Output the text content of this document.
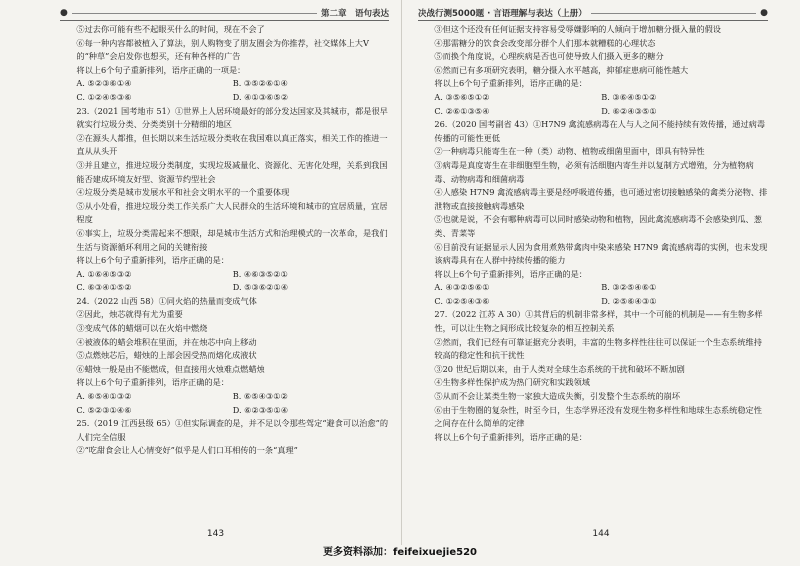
●	第二章　语句表达
⑤过去你可能有些不起眼买什么的时间，现在不会了
⑥每一种内容都被植入了算法，别人购物变了朋友圈会为你推荐，社交媒体上大V的“种草”会启发你也想买，还有种各样的广告
将以上6个句子重新排列，语序正确的一项是：
A. ⑤②③⑥①④	B. ③⑤②⑥①④
C. ①②④⑤③⑥	D. ④①③⑥⑤②
23.（2021 国考地市 51）①世界上人居环境最好的部分发达国家及其城市，都是很早就实行垃圾分类、分类类别十分精细的地区
②在源头人都推，但长期以来生活垃圾分类收在我国难以真正落实，相关工作的推进一直从从头开
③并且建立，推进垃圾分类制度，实现垃圾减量化、资源化、无害化处理，关系到我国能否建成环境友好型、资源节约型社会
④垃圾分类是城市发展水平和社会文明水平的一个重要体现
⑤从小处看，推进垃圾分类工作关系广大人民群众的生活环境和城市的宜居质量，宜居程度
⑥事实上，垃圾分类需起来不想限，却是城市生活方式和治理模式的一次革命，是我们生活与资源循环利用之间的关键衔接
将以上6个句子重新排列，语序正确的是：
A. ①⑥④⑤③②	B. ④⑥③⑤②①
C. ⑥③④①⑤②	D. ⑤③⑥②①④
24.（2022 山西 58）①同火焰的热量而变成气体
②因此，烛芯就得有尤为重要
③变成气体的蜡烟可以在火焰中燃烧
④被液体的蜡会堆积在里面，并在烛芯中向上移动
⑤点燃烛芯后，蜡烛的上部会因受热而熔化成液状
⑥蜡烛一般是由不能燃成，但直接用火烛难点燃蜡烛
将以上6个句子重新排列，语序正确的是：
A. ⑥⑤④①③②	B. ⑥⑤④③①②
C. ⑤②③①④⑥	D. ⑥②③⑤①④
25.（2019 江西县级 65）①但实际调查的是，并不足以令那些驾定“避食可以治愈”的人们完全信服
②“吃甜食会让人心情变好”似乎是人们口耳相传的一条“真理”
143
决战行测5000题 · 言语理解与表达（上册）	●
③但这个还没有任何证据支持容易受辱嫌影响的人倾向于增加糖分摄入量的假设
④那需糖分的饮食会改变部分群个人们那本就糟糕的心理状态
⑤而换个角度说，心理疾病是否也可使导致人们摄入更多的糖分
⑥然而已有多项研究表明，糖分摄入水平越高，抑郁症患病可能性越大
将以上6个句子重新排列，语序正确的是：
A. ③⑤⑥⑤①②	B. ③⑥④⑤①②
C. ②⑥①③⑤④	D. ⑥②④③⑤①
26.（2020 国考副省 43）①H7N9 禽流感病毒在人与人之间不能持续有效传播，通过病毒传播的可能性更低
②一种病毒只能寄生在一种（类）动物、植物或细菌里面中，即具有特异性
③病毒是真度寄生在非细胞型生物，必须有活细胞内寄生并以复制方式增殖，分为植物病毒、动物病毒和细菌病毒
④人感染 H7N9 禽流感病毒主要是经呼吸道传播，也可通过密切接触感染的禽类分泌物、排泄物或直接接触病毒感染
⑤也就是说，不会有哪种病毒可以同时感染动物和植物，因此禽流感病毒不会感染到瓜、葱类、青菜等
⑥目前没有证据显示人因为食用煮熟带禽肉中染来感染 H7N9 禽流感病毒的实例，也未发现该病毒具有在人群中持续传播的能力
将以上6个句子重新排列，语序正确的是：
A. ④③②⑤⑥①	B. ③②⑤④⑥①
C. ①②⑤④③⑥	D. ②⑤⑥④③①
27.（2022 江苏 A 30）①其背后的机制非常多样，其中一个可能的机制是——有生物多样性，可以让生物之间形成比较复杂的相互控制关系
②然而，我们已经有可靠证据充分表明，丰富的生物多样性往往可以保证一个生态系统维持较高的稳定性和抗干扰性
③20 世纪后期以来，由于人类对全球生态系统的干扰和破坏不断加剧
④生物多样性保护成为热门研究和实践领域
⑤从而不会让某类生物一家独大造成失衡，引发整个生态系统的崩坏
⑥由于生物圈的复杂性，时至今日，生态学界还没有发现生物多样性和地球生态系统稳定性之间存在什么简单的定律
将以上6个句子重新排列，语序正确的是：
144
更多资料添加：feifeixuejie520
